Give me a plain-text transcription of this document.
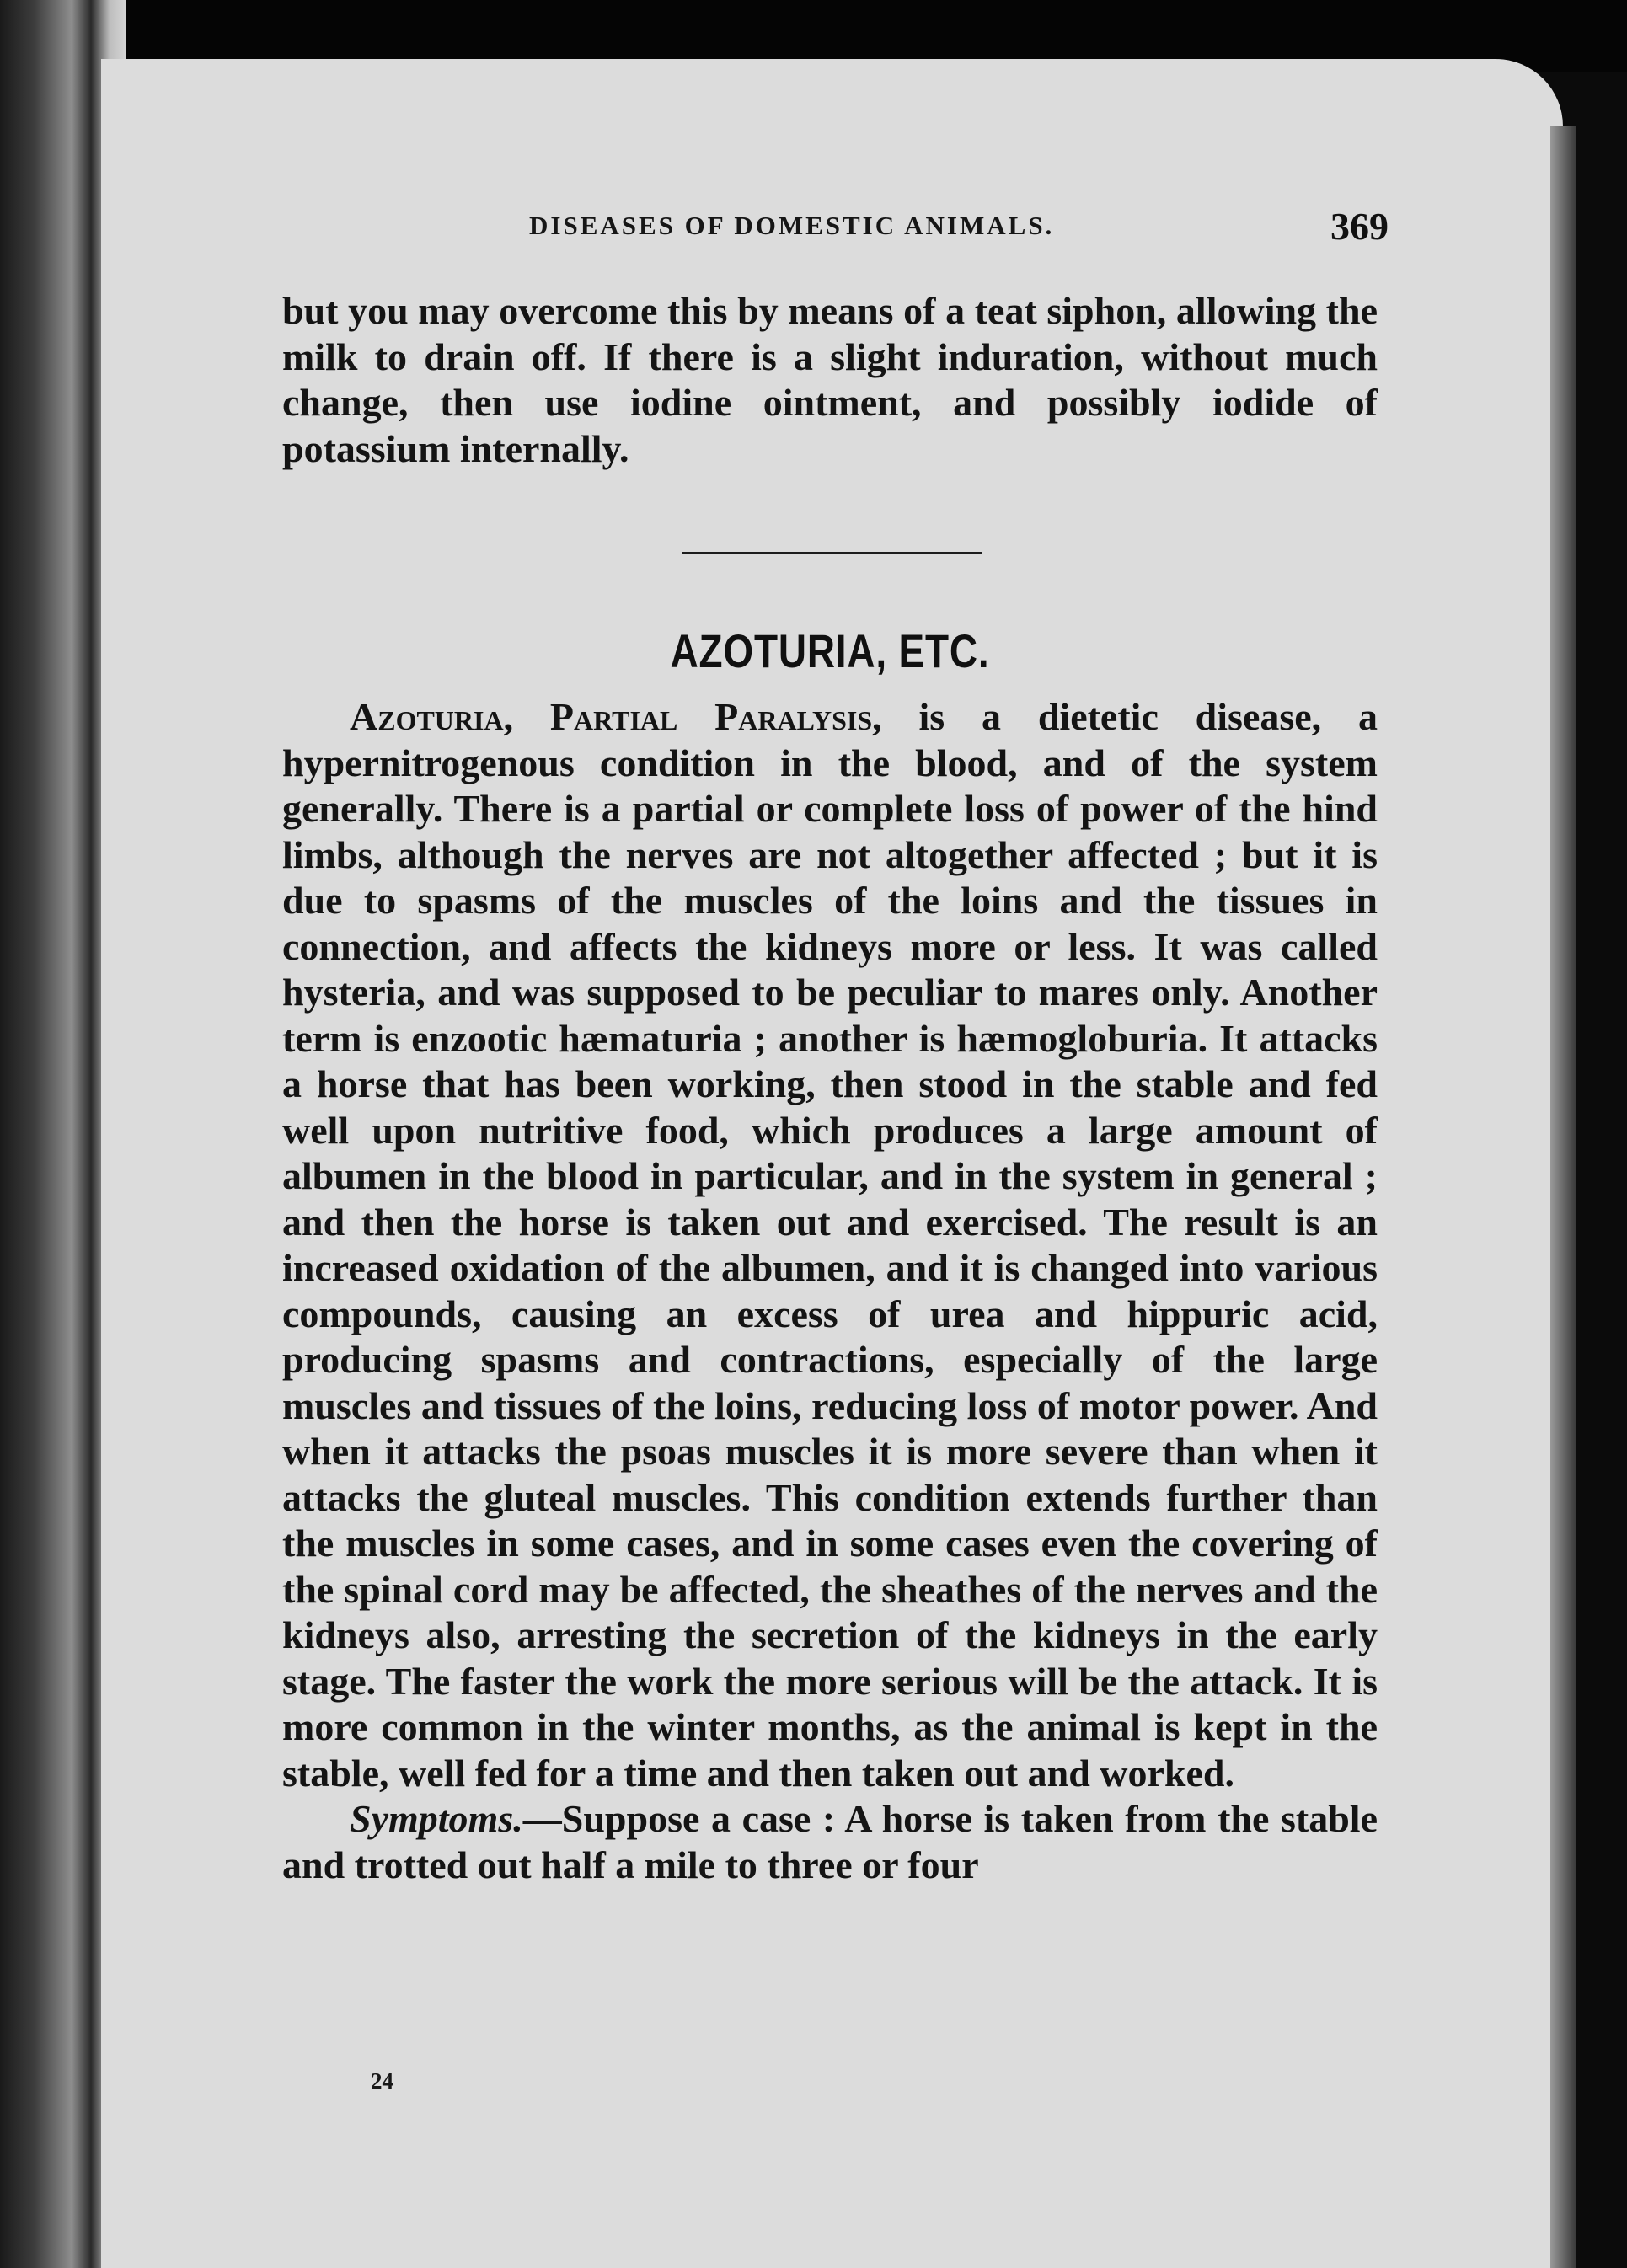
DISEASES OF DOMESTIC ANIMALS.	369

but you may overcome this by means of a teat siphon, allowing the milk to drain off. If there is a slight induration, without much change, then use iodine ointment, and possibly iodide of potassium internally.

AZOTURIA, ETC.

Azoturia, Partial Paralysis, is a dietetic disease, a hypernitrogenous condition in the blood, and of the system generally. There is a partial or complete loss of power of the hind limbs, although the nerves are not altogether affected ; but it is due to spasms of the muscles of the loins and the tissues in connection, and affects the kidneys more or less. It was called hysteria, and was supposed to be peculiar to mares only. Another term is enzootic hæmaturia ; another is hæmogloburia. It attacks a horse that has been working, then stood in the stable and fed well upon nutritive food, which produces a large amount of albumen in the blood in particular, and in the system in general ; and then the horse is taken out and exercised. The result is an increased oxidation of the albumen, and it is changed into various compounds, causing an excess of urea and hippuric acid, producing spasms and contractions, especially of the large muscles and tissues of the loins, reducing loss of motor power. And when it attacks the psoas muscles it is more severe than when it attacks the gluteal muscles. This condition extends further than the muscles in some cases, and in some cases even the covering of the spinal cord may be affected, the sheathes of the nerves and the kidneys also, arresting the secretion of the kidneys in the early stage. The faster the work the more serious will be the attack. It is more common in the winter months, as the animal is kept in the stable, well fed for a time and then taken out and worked.

Symptoms.—Suppose a case : A horse is taken from the stable and trotted out half a mile to three or four

24
